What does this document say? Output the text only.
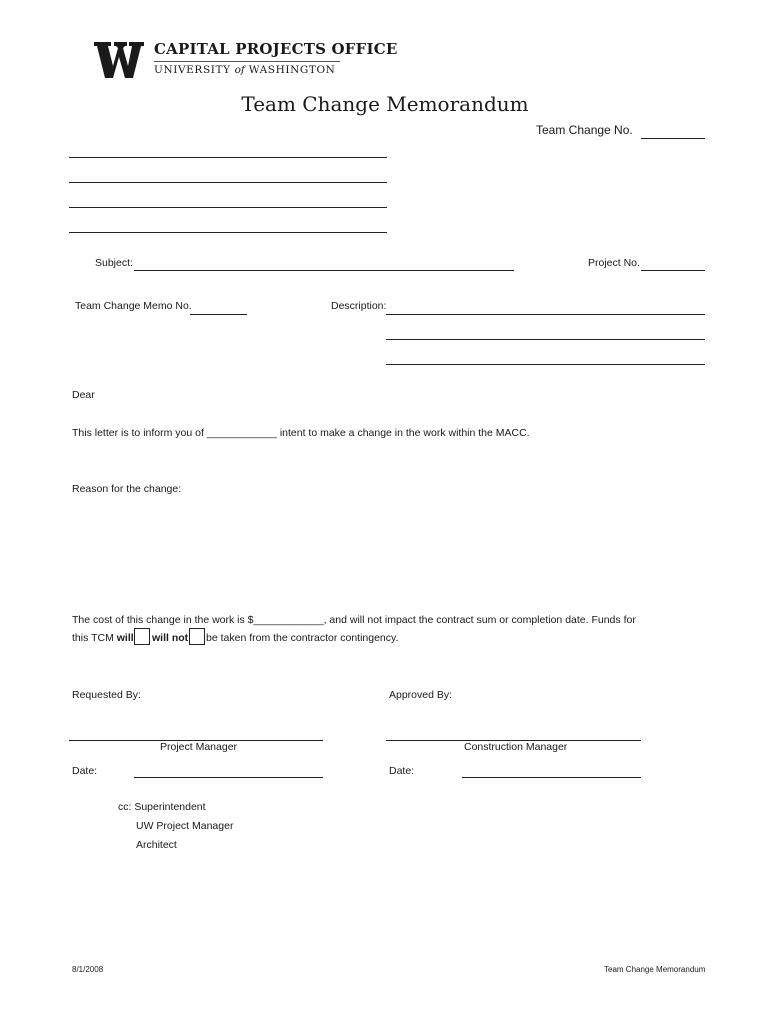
CAPITAL PROJECTS OFFICE
UNIVERSITY of WASHINGTON
Team Change Memorandum
Team Change No.
Subject:	Project No.
Team Change Memo No.	Description:
Dear
This letter is to inform you of ____________ intent to make a change in the work within the MACC.
Reason for the change:
The cost of this change in the work is $____________, and will not impact the contract sum or completion date. Funds for
this TCM will will not be taken from the contractor contingency.
Requested By:	Approved By:
Project Manager	Construction Manager
Date:	Date:
cc: Superintendent
UW Project Manager
Architect
8/1/2008	Team Change Memorandum
